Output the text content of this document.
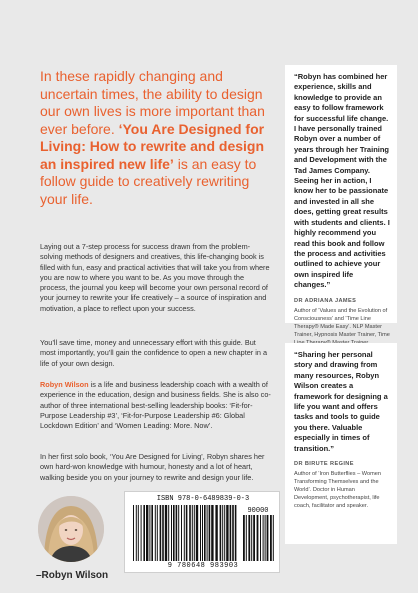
In these rapidly changing and uncertain times, the ability to design our own lives is more important than ever before. ‘You Are Designed for Living: How to rewrite and design an inspired new life’ is an easy to follow guide to creatively rewriting your life.

Laying out a 7-step process for success drawn from the problem-solving methods of designers and creatives, this life-changing book is filled with fun, easy and practical activities that will take you from where you are now to where you want to be. As you move through the process, the journal you keep will become your own personal record of your journey to rewrite your life creatively – a source of inspiration and motivation, a place to reflect upon your success.

You’ll save time, money and unnecessary effort with this guide. But most importantly, you’ll gain the confidence to open a new chapter in a life of your own design.

Robyn Wilson is a life and business leadership coach with a wealth of experience in the education, design and business fields. She is also co-author of three international best-selling leadership books: ‘Fit-for-Purpose Leadership #3’, ‘Fit-for-Purpose Leadership #6: Global Lockdown Edition’ and ‘Women Leading: More. Now’.

In her first solo book, ‘You Are Designed for Living’, Robyn shares her own hard-won knowledge with humour, honesty and a lot of heart, walking beside you on your journey to rewrite and design your life.

–Robyn Wilson
ISBN 978-0-6489839-0-3
90000
9 780648 983903

“Robyn has combined her experience, skills and knowledge to provide an easy to follow framework for successful life change. I have personally trained Robyn over a number of years through her Training and Development with the Tad James Company. Seeing her in action, I know her to be passionate and invested in all she does, getting great results with students and clients. I highly recommend you read this book and follow the process and activities outlined to achieve your own inspired life changes.”

DR ADRIANA JAMES

Author of ‘Values and the Evolution of Consciousness’ and ‘Time Line Therapy® Made Easy’. NLP Master Trainer, Hypnosis Master Trainer, Time

“Sharing her personal story and drawing from many resources, Robyn Wilson creates a framework for designing a life you want and offers tasks and tools to guide you there. Valuable especially in times of transition.”

DR BIRUTE REGINE

Author of ‘Iron Butterflies – Women Transforming Themselves and the World’. Doctor in Human Development, psychotherapist, life coach, facilitator and speaker.
